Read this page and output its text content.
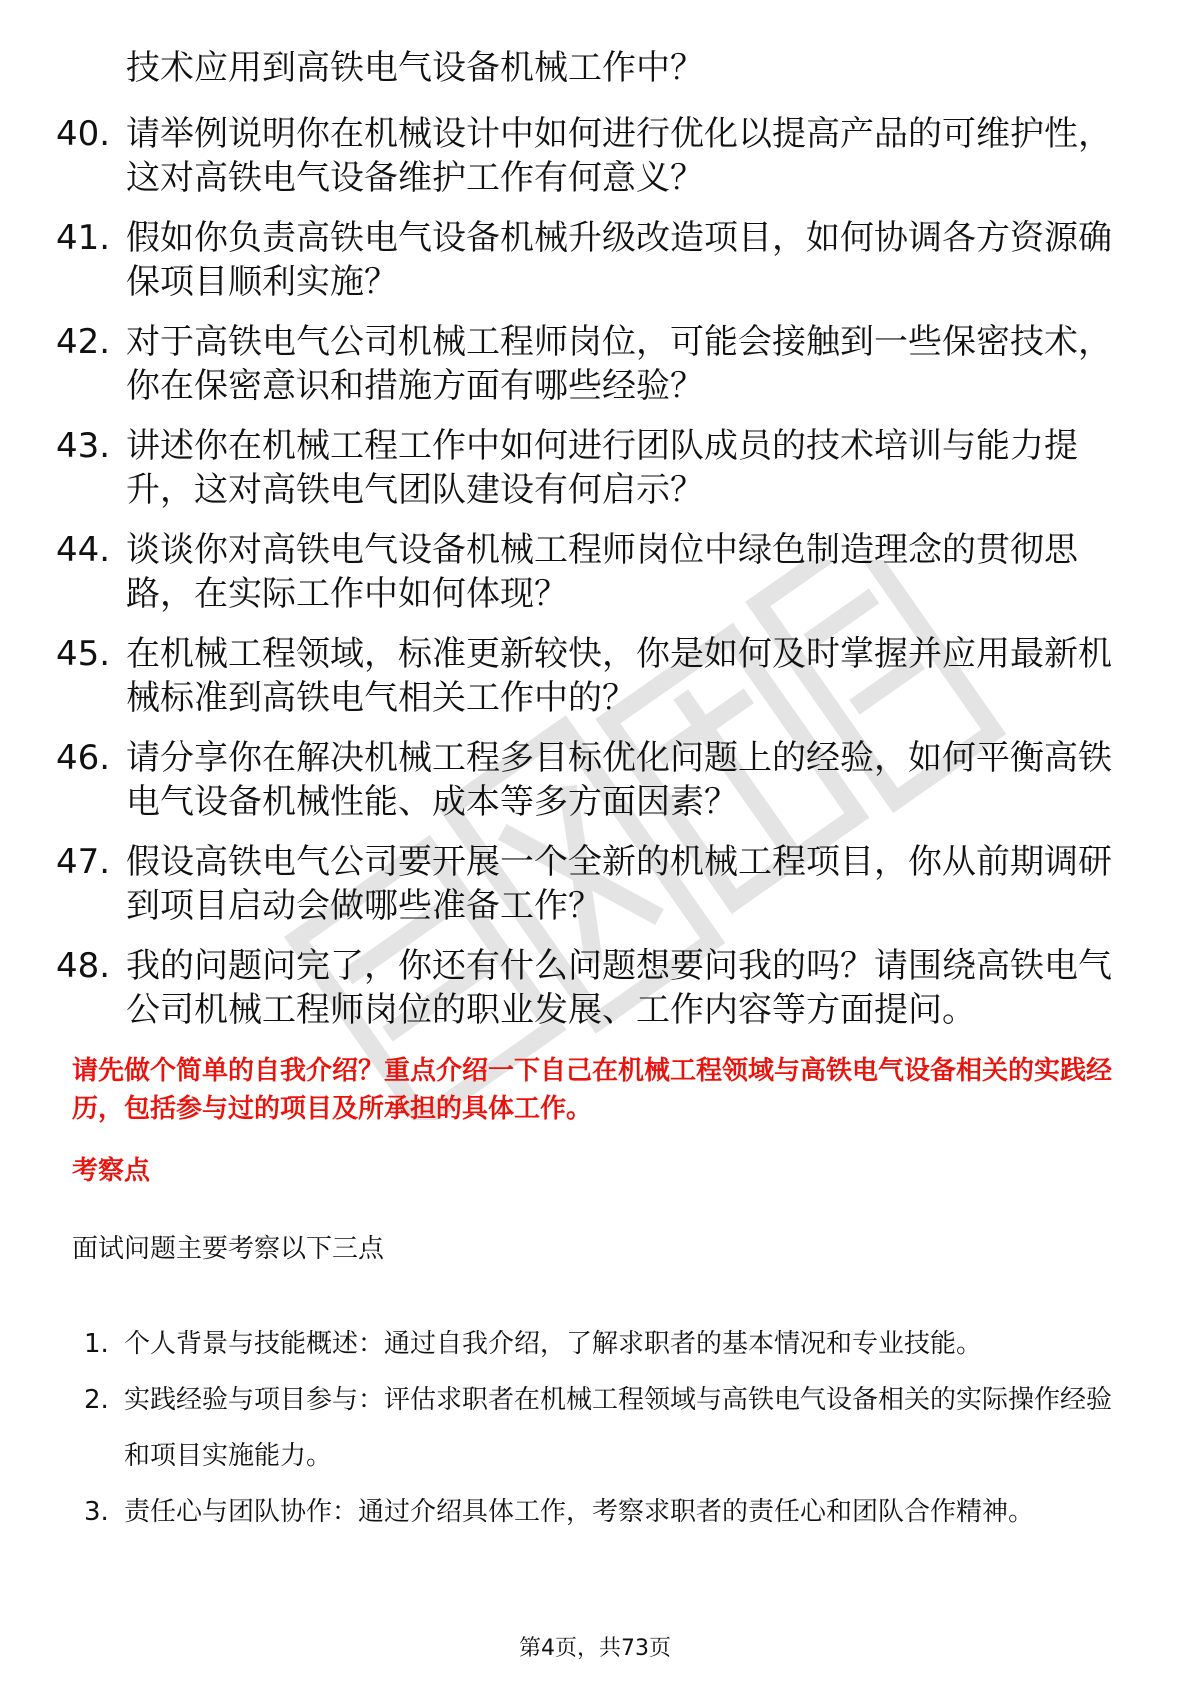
技术应用到高铁电气设备机械工作中？

40. 请举例说明你在机械设计中如何进行优化以提高产品的可维护性，这对高铁电气设备维护工作有何意义？
41. 假如你负责高铁电气设备机械升级改造项目，如何协调各方资源确保项目顺利实施？
42. 对于高铁电气公司机械工程师岗位，可能会接触到一些保密技术，你在保密意识和措施方面有哪些经验？
43. 讲述你在机械工程工作中如何进行团队成员的技术培训与能力提升，这对高铁电气团队建设有何启示？
44. 谈谈你对高铁电气设备机械工程师岗位中绿色制造理念的贯彻思路，在实际工作中如何体现？
45. 在机械工程领域，标准更新较快，你是如何及时掌握并应用最新机械标准到高铁电气相关工作中的？
46. 请分享你在解决机械工程多目标优化问题上的经验，如何平衡高铁电气设备机械性能、成本等多方面因素？
47. 假设高铁电气公司要开展一个全新的机械工程项目，你从前期调研到项目启动会做哪些准备工作？
48. 我的问题问完了，你还有什么问题想要问我的吗？请围绕高铁电气公司机械工程师岗位的职业发展、工作内容等方面提问。

请先做个简单的自我介绍？重点介绍一下自己在机械工程领域与高铁电气设备相关的实践经历，包括参与过的项目及所承担的具体工作。

考察点

面试问题主要考察以下三点

1. 个人背景与技能概述：通过自我介绍，了解求职者的基本情况和专业技能。
2. 实践经验与项目参与：评估求职者在机械工程领域与高铁电气设备相关的实际操作经验和项目实施能力。
3. 责任心与团队协作：通过介绍具体工作，考察求职者的责任心和团队合作精神。
第4页，共73页
